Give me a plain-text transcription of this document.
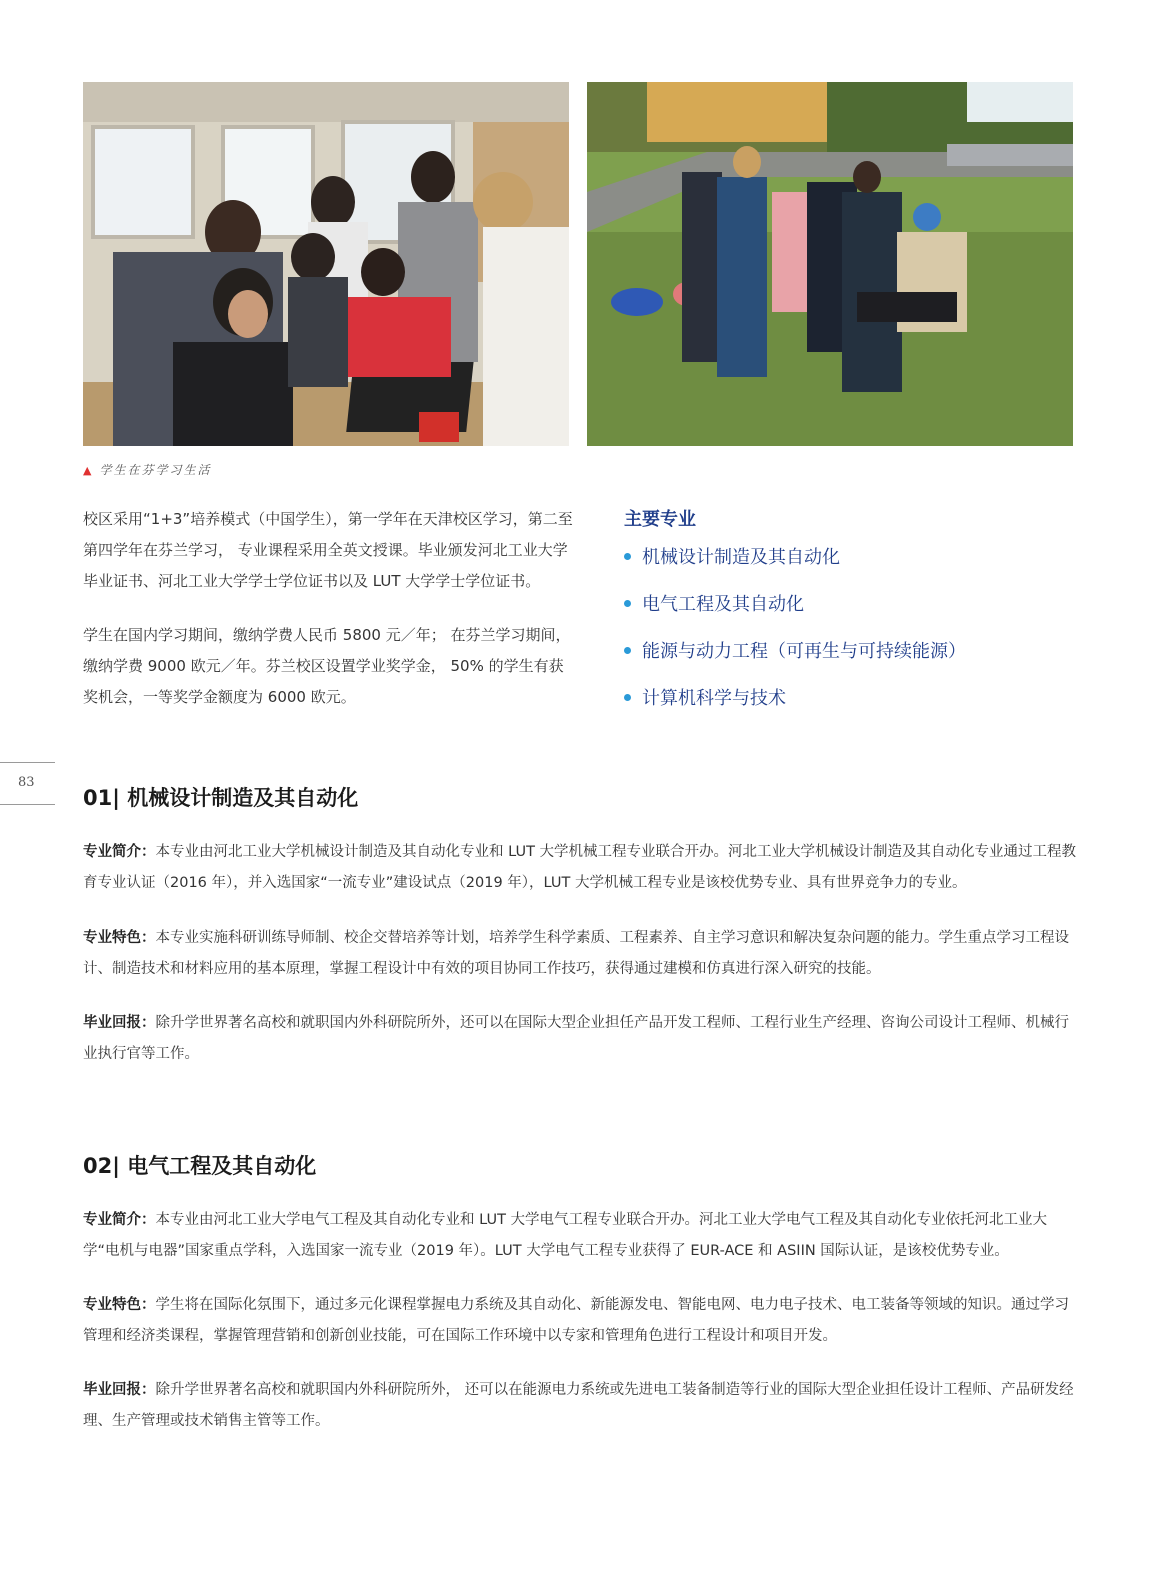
▲ 学生在芬学习生活

校区采用“1+3”培养模式（中国学生），第一学年在天津校区学习，第二至第四学年在芬兰学习， 专业课程采用全英文授课。毕业颁发河北工业大学毕业证书、河北工业大学学士学位证书以及 LUT 大学学士学位证书。

学生在国内学习期间，缴纳学费人民币 5800 元／年； 在芬兰学习期间，缴纳学费 9000 欧元／年。芬兰校区设置学业奖学金， 50% 的学生有获奖机会，一等奖学金额度为 6000 欧元。

主要专业
机械设计制造及其自动化
电气工程及其自动化
能源与动力工程（可再生与可持续能源）
计算机科学与技术
83
01| 机械设计制造及其自动化

专业简介：本专业由河北工业大学机械设计制造及其自动化专业和 LUT 大学机械工程专业联合开办。河北工业大学机械设计制造及其自动化专业通过工程教育专业认证（2016 年），并入选国家“一流专业”建设试点（2019 年），LUT 大学机械工程专业是该校优势专业、具有世界竞争力的专业。

专业特色：本专业实施科研训练导师制、校企交替培养等计划，培养学生科学素质、工程素养、自主学习意识和解决复杂问题的能力。学生重点学习工程设计、制造技术和材料应用的基本原理，掌握工程设计中有效的项目协同工作技巧，获得通过建模和仿真进行深入研究的技能。

毕业回报：除升学世界著名高校和就职国内外科研院所外，还可以在国际大型企业担任产品开发工程师、工程行业生产经理、咨询公司设计工程师、机械行业执行官等工作。

02| 电气工程及其自动化

专业简介：本专业由河北工业大学电气工程及其自动化专业和 LUT 大学电气工程专业联合开办。河北工业大学电气工程及其自动化专业依托河北工业大学“电机与电器”国家重点学科，入选国家一流专业（2019 年）。LUT 大学电气工程专业获得了 EUR-ACE 和 ASIIN 国际认证，是该校优势专业。

专业特色：学生将在国际化氛围下，通过多元化课程掌握电力系统及其自动化、新能源发电、智能电网、电力电子技术、电工装备等领域的知识。通过学习管理和经济类课程，掌握管理营销和创新创业技能，可在国际工作环境中以专家和管理角色进行工程设计和项目开发。

毕业回报：除升学世界著名高校和就职国内外科研院所外， 还可以在能源电力系统或先进电工装备制造等行业的国际大型企业担任设计工程师、产品研发经理、生产管理或技术销售主管等工作。
